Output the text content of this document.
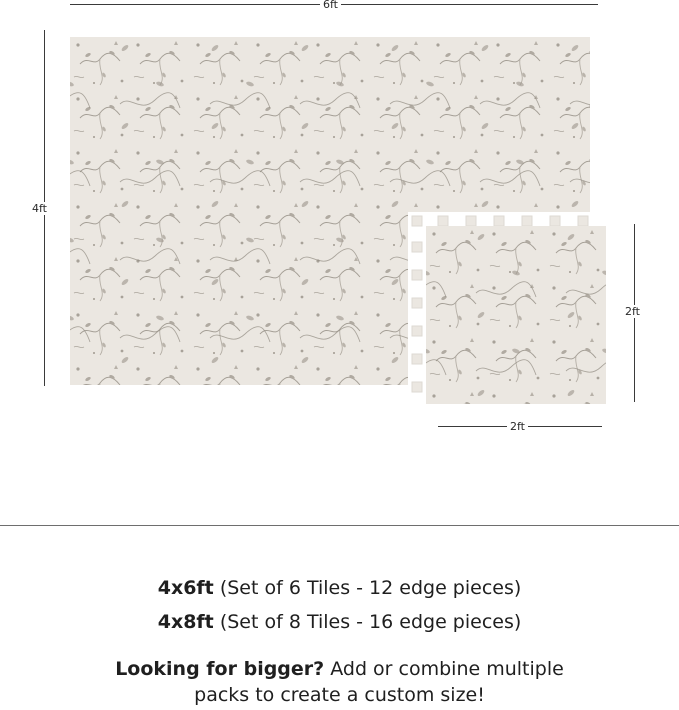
6ft
4ft
2ft
2ft
4x6ft (Set of 6 Tiles - 12 edge pieces)
4x8ft (Set of 8 Tiles - 16 edge pieces)
Looking for bigger? Add or combine multiple
packs to create a custom size!
